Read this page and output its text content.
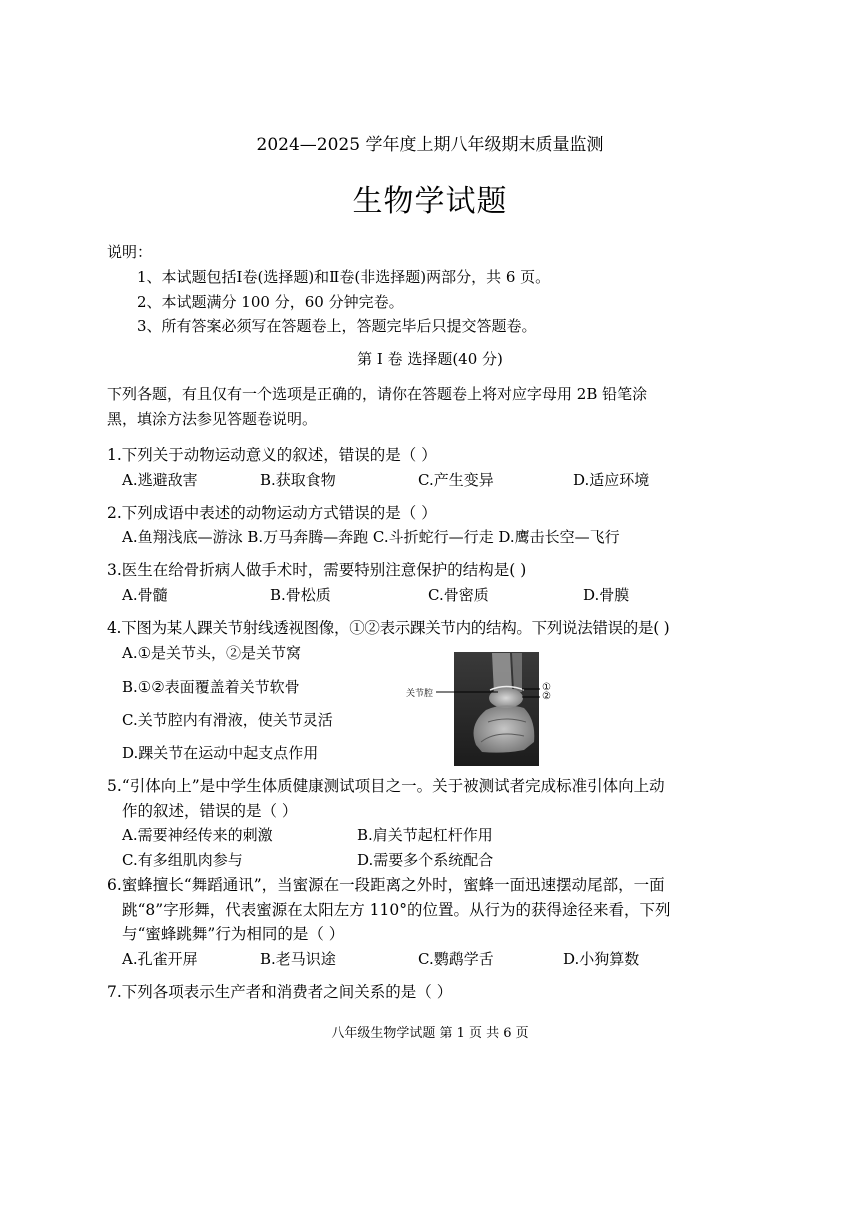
2024—2025 学年度上期八年级期末质量监测
生物学试题
说明：
1、本试题包括Ⅰ卷(选择题)和Ⅱ卷(非选择题)两部分，共 6 页。
2、本试题满分 100 分，60 分钟完卷。
3、所有答案必须写在答题卷上，答题完毕后只提交答题卷。
第 Ⅰ 卷 选择题(40 分)
下列各题，有且仅有一个选项是正确的，请你在答题卷上将对应字母用 2B 铅笔涂
黑，填涂方法参见答题卷说明。
1.下列关于动物运动意义的叙述，错误的是（ ）
A.逃避敌害	B.获取食物	C.产生变异	D.适应环境
2.下列成语中表述的动物运动方式错误的是（ ）
A.鱼翔浅底—游泳 B.万马奔腾—奔跑 C.斗折蛇行—行走 D.鹰击长空—飞行
3.医生在给骨折病人做手术时，需要特别注意保护的结构是( )
A.骨髓	B.骨松质	C.骨密质	D.骨膜
4.下图为某人踝关节射线透视图像，①②表示踝关节内的结构。下列说法错误的是( )
A.①是关节头，②是关节窝
B.①②表面覆盖着关节软骨
C.关节腔内有滑液，使关节灵活
D.踝关节在运动中起支点作用
关节腔
①
②
5.“引体向上”是中学生体质健康测试项目之一。关于被测试者完成标准引体向上动
作的叙述，错误的是（ ）
A.需要神经传来的刺激	B.肩关节起杠杆作用
C.有多组肌肉参与	D.需要多个系统配合
6.蜜蜂擅长“舞蹈通讯”，当蜜源在一段距离之外时，蜜蜂一面迅速摆动尾部，一面
跳“8”字形舞，代表蜜源在太阳左方 110°的位置。从行为的获得途径来看，下列
与“蜜蜂跳舞”行为相同的是（ ）
A.孔雀开屏	B.老马识途	C.鹦鹉学舌	D.小狗算数
7.下列各项表示生产者和消费者之间关系的是（ ）
八年级生物学试题 第 1 页 共 6 页
